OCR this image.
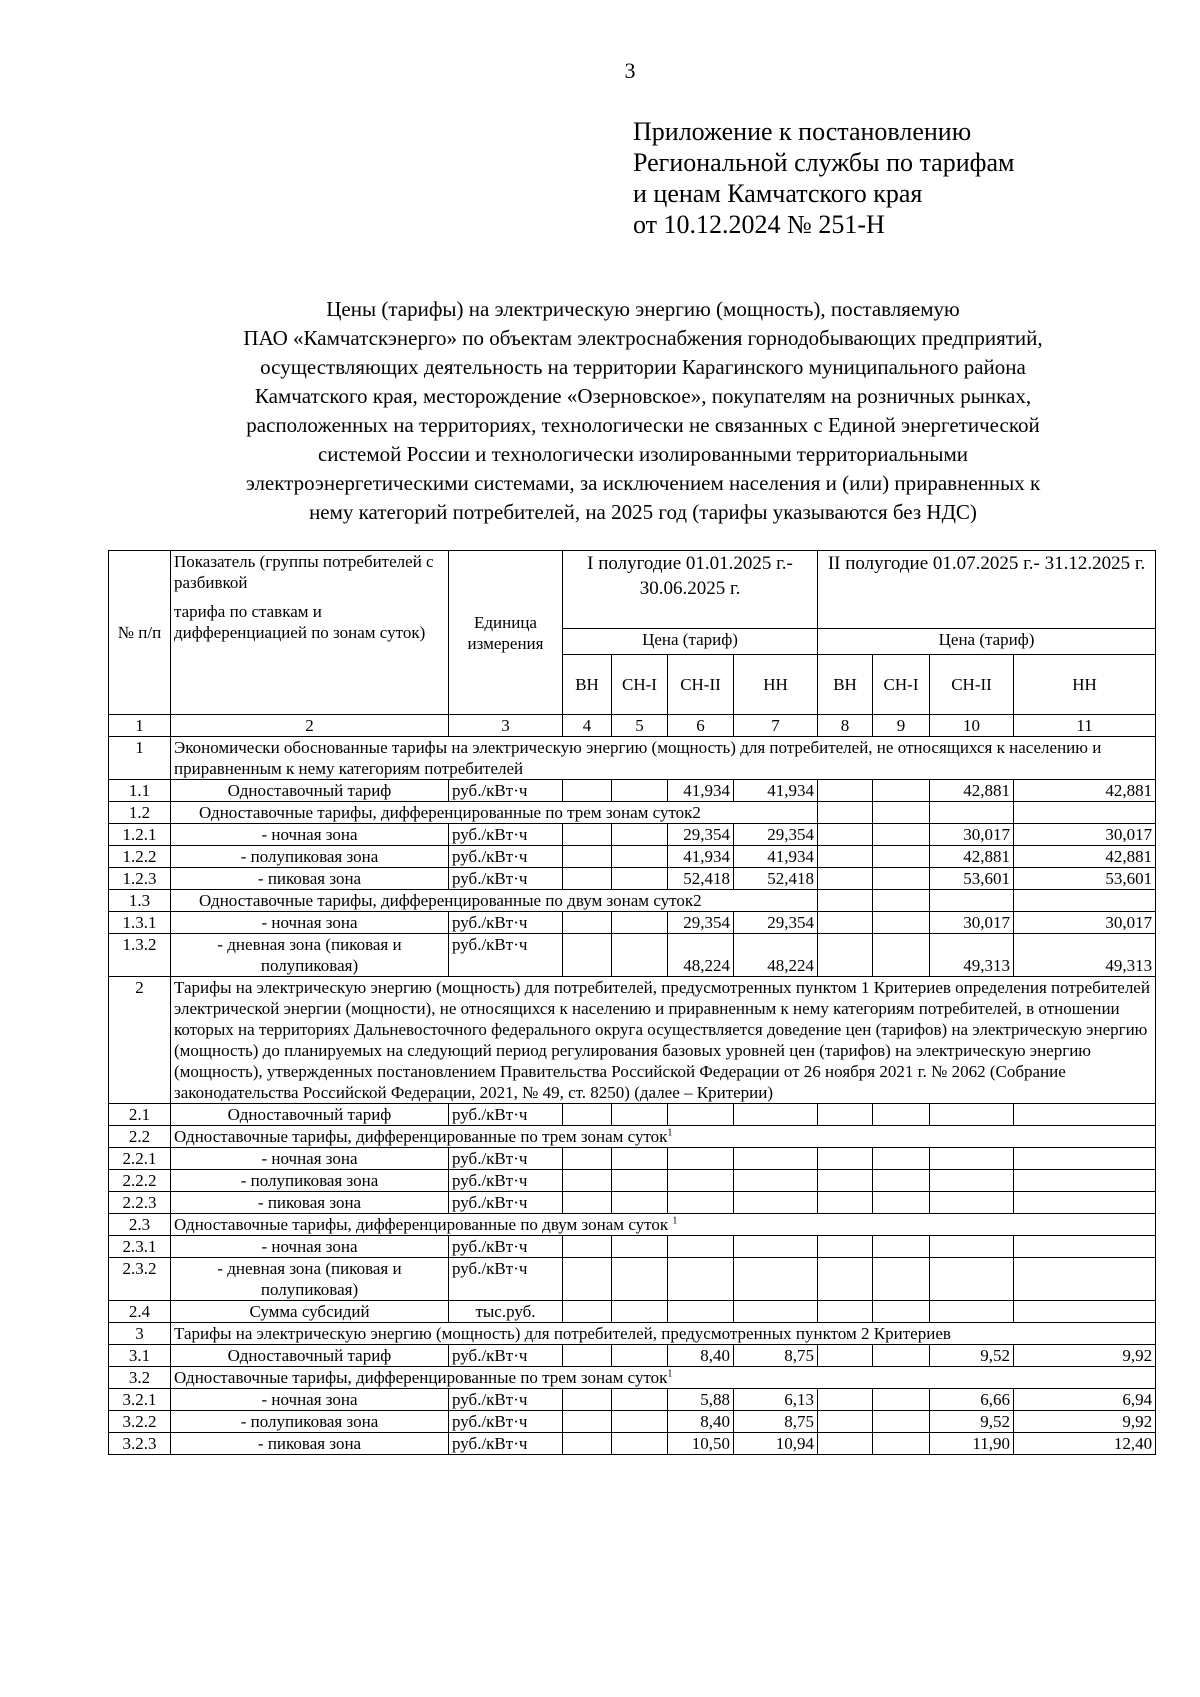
3
Приложение к постановлению
Региональной службы по тарифам
и ценам Камчатского края
от 10.12.2024 № 251-Н
Цены (тарифы) на электрическую энергию (мощность), поставляемую
ПАО «Камчатскэнерго» по объектам электроснабжения горнодобывающих предприятий,
осуществляющих деятельность на территории Карагинского муниципального района
Камчатского края, месторождение «Озерновское», покупателям на розничных рынках,
расположенных на территориях, технологически не связанных с Единой энергетической
системой России и технологически изолированными территориальными
электроэнергетическими системами, за исключением населения и (или) приравненных к
нему категорий потребителей, на 2025 год (тарифы указываются без НДС)
№ п/п	Показатель (группы потребителей с разбивкой
тарифа по ставкам и дифференциацией по зонам суток)	Единица измерения	I полугодие 01.01.2025 г.- 30.06.2025 г.				II полугодие 01.07.2025 г.- 31.12.2025 г.			
			Цена (тариф)				Цена (тариф)			
			ВН	СН-I	СН-II	НН	ВН	СН-I	СН-II	НН
1	2	3	4	5	6	7	8	9	10	11
1	Экономически обоснованные тарифы на электрическую энергию (мощность) для потребителей, не относящихся к населению и приравненным к нему категориям потребителей									
1.1	Одноставочный тариф	руб./кВт·ч			41,934	41,934			42,881	42,881
1.2	Одноставочные тарифы, дифференцированные по трем зонам суток2									
1.2.1	- ночная зона	руб./кВт·ч			29,354	29,354			30,017	30,017
1.2.2	- полупиковая зона	руб./кВт·ч			41,934	41,934			42,881	42,881
1.2.3	- пиковая зона	руб./кВт·ч			52,418	52,418			53,601	53,601
1.3	Одноставочные тарифы, дифференцированные по двум зонам суток2									
1.3.1	- ночная зона	руб./кВт·ч			29,354	29,354			30,017	30,017
1.3.2	- дневная зона (пиковая и полупиковая)	руб./кВт·ч			48,224	48,224			49,313	49,313
2	Тарифы на электрическую энергию (мощность) для потребителей, предусмотренных пунктом 1 Критериев определения потребителей электрической энергии (мощности), не относящихся к населению и приравненным к нему категориям потребителей, в отношении которых на территориях Дальневосточного федерального округа осуществляется доведение цен (тарифов) на электрическую энергию (мощность) до планируемых на следующий период регулирования базовых уровней цен (тарифов) на электрическую энергию (мощность), утвержденных постановлением Правительства Российской Федерации от 26 ноября 2021 г. № 2062 (Собрание законодательства Российской Федерации, 2021, № 49, ст. 8250) (далее – Критерии)									
2.1	Одноставочный тариф	руб./кВт·ч								
2.2	Одноставочные тарифы, дифференцированные по трем зонам суток$^1$
2.2.1	- ночная зона	руб./кВт·ч								
2.2.2	- полупиковая зона	руб./кВт·ч								
2.2.3	- пиковая зона	руб./кВт·ч								
2.3	Одноставочные тарифы, дифференцированные по двум зонам суток $^1$
2.3.1	- ночная зона	руб./кВт·ч								
2.3.2	- дневная зона (пиковая и полупиковая)	руб./кВт·ч								
2.4	Сумма субсидий	тыс.руб.								
3	Тарифы на электрическую энергию (мощность) для потребителей, предусмотренных пунктом 2 Критериев									
3.1	Одноставочный тариф	руб./кВт·ч			8,40	8,75			9,52	9,92
3.2	Одноставочные тарифы, дифференцированные по трем зонам суток$^1$
3.2.1	- ночная зона	руб./кВт·ч			5,88	6,13			6,66	6,94
3.2.2	- полупиковая зона	руб./кВт·ч			8,40	8,75			9,52	9,92
3.2.3	- пиковая зона	руб./кВт·ч			10,50	10,94			11,90	12,40
